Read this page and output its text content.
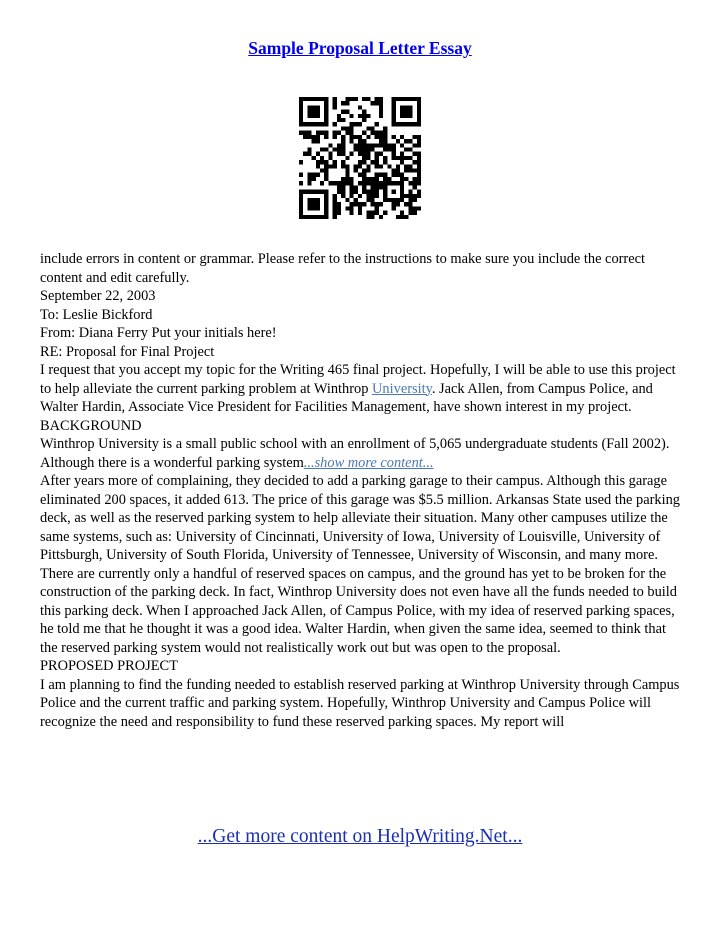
Sample Proposal Letter Essay

include errors in content or grammar. Please refer to the instructions to make sure you include the correct content and edit carefully.

September 22, 2003

To: Leslie Bickford

From: Diana Ferry Put your initials here!

RE: Proposal for Final Project

I request that you accept my topic for the Writing 465 final project. Hopefully, I will be able to use this project to help alleviate the current parking problem at Winthrop University. Jack Allen, from Campus Police, and Walter Hardin, Associate Vice President for Facilities Management, have shown interest in my project.

BACKGROUND

Winthrop University is a small public school with an enrollment of 5,065 undergraduate students (Fall 2002). Although there is a wonderful parking system...show more content...

After years more of complaining, they decided to add a parking garage to their campus. Although this garage eliminated 200 spaces, it added 613. The price of this garage was $5.5 million. Arkansas State used the parking deck, as well as the reserved parking system to help alleviate their situation. Many other campuses utilize the same systems, such as: University of Cincinnati, University of Iowa, University of Louisville, University of Pittsburgh, University of South Florida, University of Tennessee, University of Wisconsin, and many more.

There are currently only a handful of reserved spaces on campus, and the ground has yet to be broken for the construction of the parking deck. In fact, Winthrop University does not even have all the funds needed to build this parking deck. When I approached Jack Allen, of Campus Police, with my idea of reserved parking spaces, he told me that he thought it was a good idea. Walter Hardin, when given the same idea, seemed to think that the reserved parking system would not realistically work out but was open to the proposal.

PROPOSED PROJECT

I am planning to find the funding needed to establish reserved parking at Winthrop University through Campus Police and the current traffic and parking system. Hopefully, Winthrop University and Campus Police will recognize the need and responsibility to fund these reserved parking spaces. My report will

...Get more content on HelpWriting.Net...
